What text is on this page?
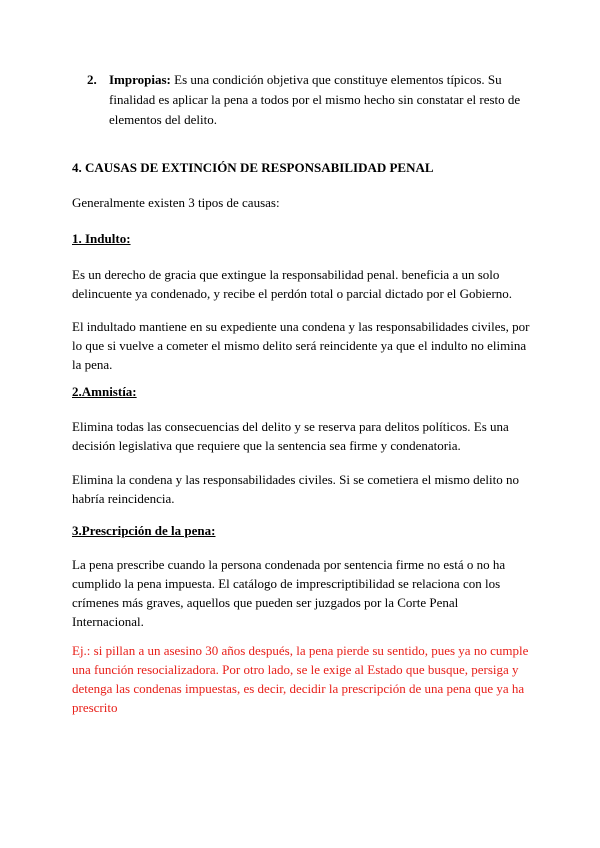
2. Impropias: Es una condición objetiva que constituye elementos típicos. Su finalidad es aplicar la pena a todos por el mismo hecho sin constatar el resto de elementos del delito.
4. CAUSAS DE EXTINCIÓN DE RESPONSABILIDAD PENAL
Generalmente existen 3 tipos de causas:
1. Indulto:
Es un derecho de gracia que extingue la responsabilidad penal. beneficia a un solo delincuente ya condenado, y recibe el perdón total o parcial dictado por el Gobierno.
El indultado mantiene en su expediente una condena y las responsabilidades civiles, por lo que si vuelve a cometer el mismo delito será reincidente ya que el indulto no elimina la pena.
2.Amnistía:
Elimina todas las consecuencias del delito y se reserva para delitos políticos. Es una decisión legislativa que requiere que la sentencia sea firme y condenatoria.
Elimina la condena y las responsabilidades civiles. Si se cometiera el mismo delito no habría reincidencia.
3.Prescripción de la pena:
La pena prescribe cuando la persona condenada por sentencia firme no está o no ha cumplido la pena impuesta. El catálogo de imprescriptibilidad se relaciona con los crímenes más graves, aquellos que pueden ser juzgados por la Corte Penal Internacional.
Ej.: si pillan a un asesino 30 años después, la pena pierde su sentido, pues ya no cumple una función resocializadora. Por otro lado, se le exige al Estado que busque, persiga y detenga las condenas impuestas, es decir, decidir la prescripción de una pena que ya ha prescrito
